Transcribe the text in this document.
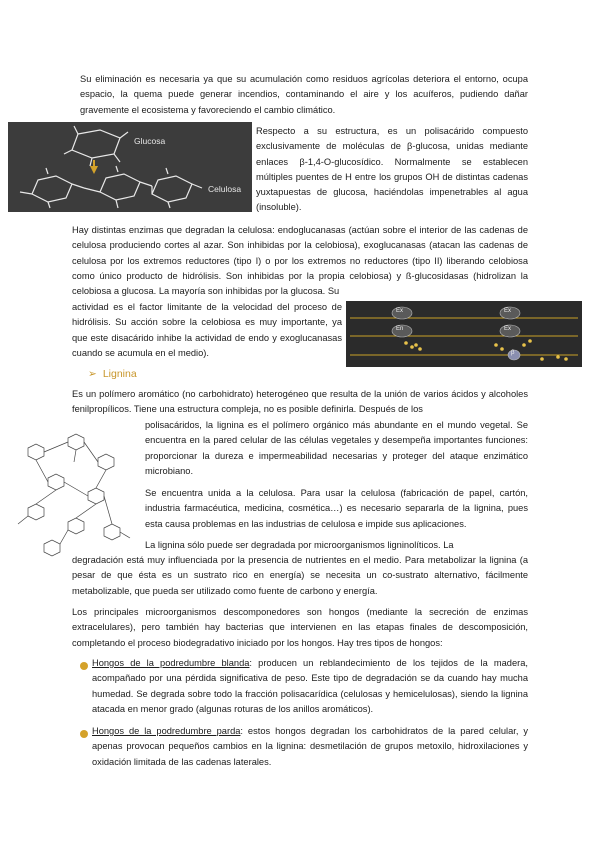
Su eliminación es necesaria ya que su acumulación como residuos agrícolas deteriora el entorno, ocupa espacio, la quema puede generar incendios, contaminando el aire y los acuíferos, pudiendo dañar gravemente el ecosistema y favoreciendo el cambio climático.

Glucosa
Celulosa

Respecto a su estructura, es un polisacárido compuesto exclusivamente de moléculas de β-glucosa, unidas mediante enlaces β-1,4-O-glucosídico. Normalmente se establecen múltiples puentes de H entre los grupos OH de distintas cadenas yuxtapuestas de glucosa, haciéndolas impenetrables al agua (insoluble).

Hay distintas enzimas que degradan la celulosa: endoglucanasas (actúan sobre el interior de las cadenas de celulosa produciendo cortes al azar. Son inhibidas por la celobiosa), exoglucanasas (atacan las cadenas de celulosa por los extremos reductores (tipo I) o por los extremos no reductores (tipo II) liberando celobiosa como único producto de hidrólisis. Son inhibidas por la propia celobiosa) y ß-glucosidasas (hidrolizan la celobiosa a glucosa. La mayoría son inhibidas por la glucosa. Su

actividad es el factor limitante de la velocidad del proceso de hidrólisis. Su acción sobre la celobiosa es muy importante, ya que este disacárido inhibe la actividad de endo y exoglucanasas cuando se acumula en el medio).

Ex	Ex
En	Ex
β
➢ Lignina

Es un polímero aromático (no carbohidrato) heterogéneo que resulta de la unión de varios ácidos y alcoholes fenilpropílicos. Tiene una estructura compleja, no es posible definirla. Después de los

polisacáridos, la lignina es el polímero orgánico más abundante en el mundo vegetal. Se encuentra en la pared celular de las células vegetales y desempeña importantes funciones: proporcionar la dureza e impermeabilidad necesarias y proteger del ataque enzimático microbiano.

Se encuentra unida a la celulosa. Para usar la celulosa (fabricación de papel, cartón, industria farmacéutica, medicina, cosmética…) es necesario separarla de la lignina, pues esta causa problemas en las industrias de celulosa e impide sus aplicaciones.

La lignina sólo puede ser degradada por microorganismos ligninolíticos. La

degradación está muy influenciada por la presencia de nutrientes en el medio. Para metabolizar la lignina (a pesar de que ésta es un sustrato rico en energía) se necesita un co-sustrato alternativo, fácilmente metabolizable, que pueda ser utilizado como fuente de carbono y energía.

Los principales microorganismos descomponedores son hongos (mediante la secreción de enzimas extracelulares), pero también hay bacterias que intervienen en las etapas finales de descomposición, completando el proceso biodegradativo iniciado por los hongos. Hay tres tipos de hongos:

Hongos de la podredumbre blanda: producen un reblandecimiento de los tejidos de la madera, acompañado por una pérdida significativa de peso. Este tipo de degradación se da cuando hay mucha humedad. Se degrada sobre todo la fracción polisacarídica (celulosas y hemicelulosas), siendo la lignina atacada en menor grado (algunas roturas de los anillos aromáticos).

Hongos de la podredumbre parda: estos hongos degradan los carbohidratos de la pared celular, y apenas provocan pequeños cambios en la lignina: desmetilación de grupos metoxilo, hidroxilaciones y oxidación limitada de las cadenas laterales.
